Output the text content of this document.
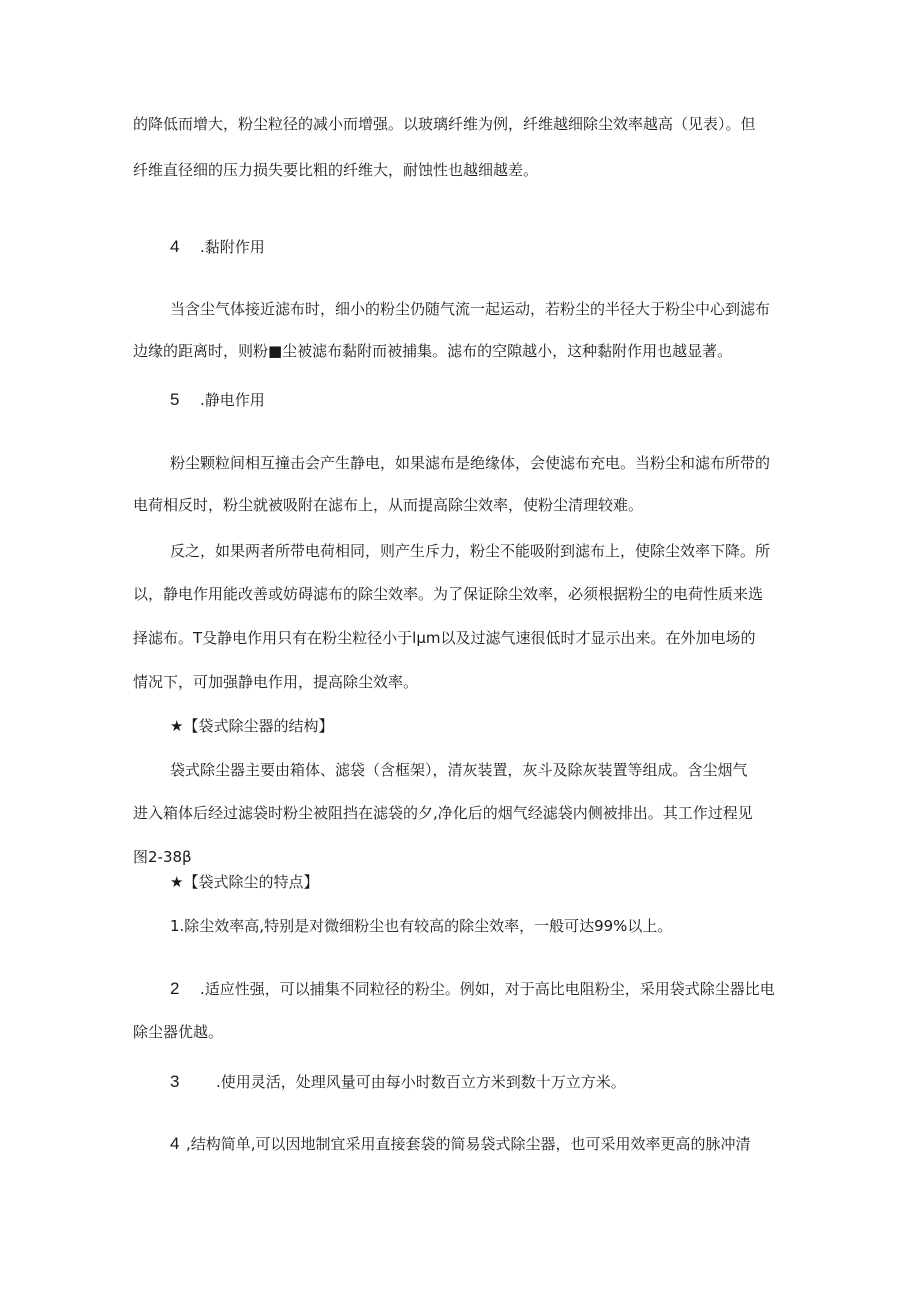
的降低而增大，粉尘粒径的减小而增强。以玻璃纤维为例，纤维越细除尘效率越高（见表）。但
纤维直径细的压力损失要比粗的纤维大，耐蚀性也越细越差。
4 .黏附作用
当含尘气体接近滤布时，细小的粉尘仍随气流一起运动，若粉尘的半径大于粉尘中心到滤布
边缘的距离时，则粉■尘被滤布黏附而被捕集。滤布的空隙越小，这种黏附作用也越显著。
5 .静电作用
粉尘颗粒间相互撞击会产生静电，如果滤布是绝缘体，会使滤布充电。当粉尘和滤布所带的
电荷相反时，粉尘就被吸附在滤布上，从而提高除尘效率，使粉尘清理较难。
反之，如果两者所带电荷相同，则产生斥力，粉尘不能吸附到滤布上，使除尘效率下降。所
以，静电作用能改善或妨碍滤布的除尘效率。为了保证除尘效率，必须根据粉尘的电荷性质来选
择滤布。T殳静电作用只有在粉尘粒径小于lμm以及过滤气速很低时才显示出来。在外加电场的
情况下，可加强静电作用，提高除尘效率。
★【袋式除尘器的结构】
袋式除尘器主要由箱体、滤袋（含框架），清灰装置，灰斗及除灰装置等组成。含尘烟气
进入箱体后经过滤袋时粉尘被阻挡在滤袋的夕,净化后的烟气经滤袋内侧被排出。其工作过程见
图2-38β
★【袋式除尘的特点】
1.除尘效率高,特别是对微细粉尘也有较高的除尘效率，一般可达99%以上。
2 .适应性强，可以捕集不同粒径的粉尘。例如，对于高比电阻粉尘，采用袋式除尘器比电
除尘器优越。
3 .使用灵活，处理风量可由每小时数百立方米到数十万立方米。
4 ,结构简单,可以因地制宜采用直接套袋的简易袋式除尘器，也可采用效率更高的脉冲清
